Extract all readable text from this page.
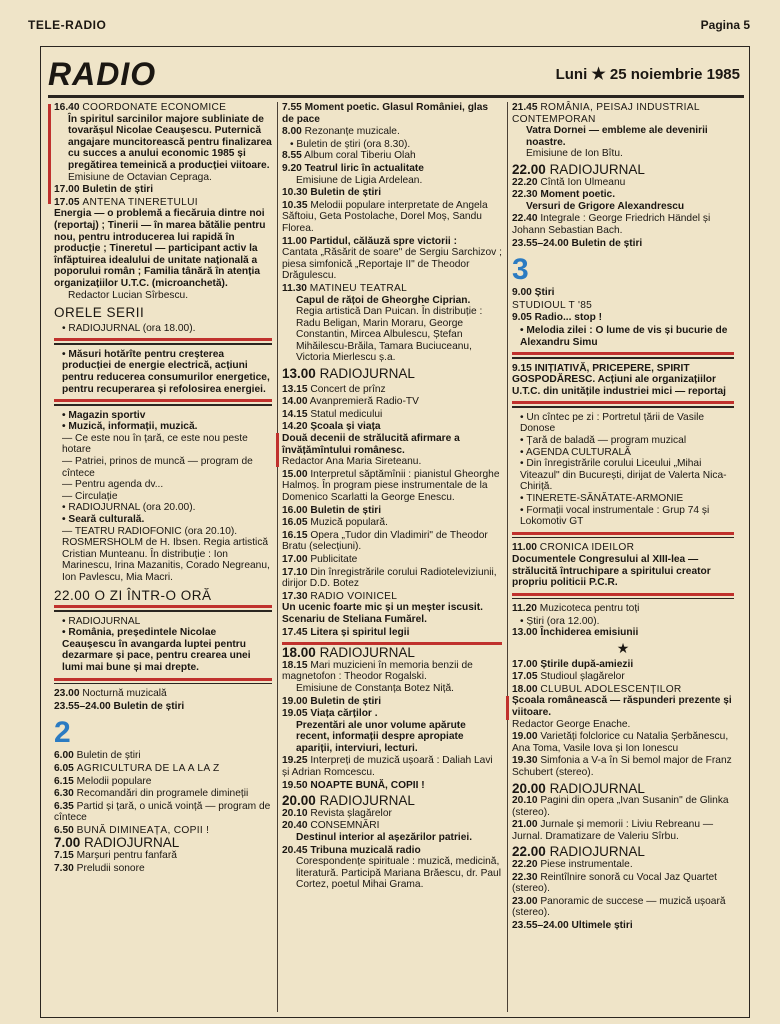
TELE-RADIO	Pagina 5
RADIO	Luni ★ 25 noiembrie 1985
16.40 COORDONATE ECONOMICE
În spiritul sarcinilor majore subliniate de tovarășul Nicolae Ceaușescu. Puternică angajare muncitorească pentru finalizarea cu succes a anului economic 1985 și pregătirea temeinică a producției viitoare.
Emisiune de Octavian Cepraga.
17.00 Buletin de știri
17.05 ANTENA TINERETULUI
Energia — o problemă a fiecăruia dintre noi (reportaj) ; Tinerii — în marea bătălie pentru nou, pentru introducerea lui rapidă în producție ; Tineretul — participant activ la înfăptuirea idealului de unitate națională a poporului român ; Familia tânără în atenția organizațiilor U.T.C. (microanchetă).
Redactor Lucian Sîrbescu.
ORELE SERII
• RADIOJURNAL (ora 18.00).
• Măsuri hotărîte pentru creșterea producției de energie electrică, acțiuni pentru reducerea consumurilor energetice, pentru recuperarea și refolosirea energiei.
• Magazin sportiv
• Muzică, informații, muzică.
— Ce este nou în țară, ce este nou peste hotare
— Patriei, prinos de muncă — program de cîntece
— Pentru agenda dv...
— Circulație
• RADIOJURNAL (ora 20.00).
• Seară culturală.
— TEATRU RADIOFONIC (ora 20.10). ROSMERSHOLM de H. Ibsen. Regia artistică Cristian Munteanu. În distribuție : Ion Marinescu, Irina Mazanitis, Corado Negreanu, Ion Pavlescu, Mia Macri.
22.00 O ZI ÎNTR-O ORĂ
• RADIOJURNAL
• România, președintele Nicolae Ceaușescu în avangarda luptei pentru dezarmare și pace, pentru crearea unei lumi mai bune și mai drepte.
23.00 Nocturnă muzicală
23.55–24.00 Buletin de știri
2
6.00 Buletin de știri
6.05 AGRICULTURA DE LA A LA Z
6.15 Melodii populare
6.30 Recomandări din programele dimineții
6.35 Partid și țară, o unică voință — program de cîntece
6.50 BUNĂ DIMINEAȚA, COPII !
7.00 RADIOJURNAL
7.15 Marșuri pentru fanfară
7.30 Preludii sonore
7.55 Moment poetic. Glasul României, glas de pace
8.00 Rezonanțe muzicale.
• Buletin de știri (ora 8.30).
8.55 Album coral Tiberiu Olah
9.20 Teatrul liric în actualitate
Emisiune de Ligia Ardelean.
10.30 Buletin de știri
10.35 Melodii populare interpretate de Angela Săftoiu, Geta Postolache, Dorel Moș, Sandu Florea.
11.00 Partidul, călăuză spre victorii :
Cantata „Răsărit de soare" de Sergiu Sarchizov ; piesa simfonică „Reportaje II" de Theodor Drăgulescu.
11.30 MATINEU TEATRAL
Capul de rățoi de Gheorghe Ciprian.
Regia artistică Dan Puican. În distribuție : Radu Beligan, Marin Moraru, George Constantin, Mircea Albulescu, Ștefan Mihăilescu-Brăila, Tamara Buciuceanu, Victoria Mierlescu ș.a.
13.00 RADIOJURNAL
13.15 Concert de prînz
14.00 Avanpremieră Radio-TV
14.15 Statul medicului
14.20 Școala și viața
Două decenii de strălucită afirmare a învățămîntului românesc.
Redactor Ana Maria Sireteanu.
15.00 Interpretul săptămînii : pianistul Gheorghe Halmoș. În program piese instrumentale de la Domenico Scarlatti la George Enescu.
16.00 Buletin de știri
16.05 Muzică populară.
16.15 Opera „Tudor din Vladimiri" de Theodor Bratu (selecțiuni).
17.00 Publicitate
17.10 Din înregistrările corului Radioteleviziunii, dirijor D.D. Botez
17.30 RADIO VOINICEL
Un ucenic foarte mic și un meșter iscusit. Scenariu de Steliana Fumărel.
17.45 Litera și spiritul legii
18.00 RADIOJURNAL
18.15 Mari muzicieni în memoria benzii de magnetofon : Theodor Rogalski.
Emisiune de Constanța Botez Niță.
19.00 Buletin de știri
19.05 Viața cărților .
Prezentări ale unor volume apărute recent, informații despre apropiate apariții, interviuri, lecturi.
19.25 Interpreți de muzică ușoară : Daliah Lavi și Adrian Romcescu.
19.50 NOAPTE BUNĂ, COPII !
20.00 RADIOJURNAL
20.10 Revista șlagărelor
20.40 CONSEMNĂRI
Destinul interior al așezărilor patriei.
20.45 Tribuna muzicală radio
Corespondențe spirituale : muzică, medicină, literatură. Participă Mariana Brăescu, dr. Paul Cortez, poetul Mihai Grama.
21.45 ROMÂNIA, PEISAJ INDUSTRIAL CONTEMPORAN
Vatra Dornei — embleme ale devenirii noastre.
Emisiune de Ion Bîtu.
22.00 RADIOJURNAL
22.20 Cîntă Ion Ulmeanu
22.30 Moment poetic.
Versuri de Grigore Alexandrescu
22.40 Integrale : George Friedrich Händel și Johann Sebastian Bach.
23.55–24.00 Buletin de știri
3
9.00 Știri
STUDIOUL T '85
9.05 Radio... stop !
• Melodia zilei : O lume de vis și bucurie de Alexandru Simu
9.15 INIȚIATIVĂ, PRICEPERE, SPIRIT GOSPODĂRESC. Acțiuni ale organizațiilor U.T.C. din unitățile industriei mici — reportaj
• Un cîntec pe zi : Portretul țării de Vasile Donose
• Țară de baladă — program muzical
• AGENDA CULTURALĂ
• Din înregistrările corului Liceului „Mihai Viteazul" din București, dirijat de Valerta Nica-Chiriță.
• TINERETE-SĂNĂTATE-ARMONIE
• Formații vocal instrumentale : Grup 74 și Lokomotiv GT
11.00 CRONICA IDEILOR
Documentele Congresului al XIII-lea — strălucită întruchipare a spiritului creator propriu politicii P.C.R.
11.20 Muzicoteca pentru toți
• Știri (ora 12.00).
13.00 Închiderea emisiunii
★
17.00 Știrile după-amiezii
17.05 Studioul șlagărelor
18.00 CLUBUL ADOLESCENȚILOR
Școala românească — răspunderi prezente și viitoare.
Redactor George Enache.
19.00 Varietăți folclorice cu Natalia Șerbănescu, Ana Toma, Vasile Iova și Ion Ionescu
19.30 Simfonia a V-a în Si bemol major de Franz Schubert (stereo).
20.00 RADIOJURNAL
20.10 Pagini din opera „Ivan Susanin" de Glinka (stereo).
21.00 Jurnale și memorii : Liviu Rebreanu — Jurnal. Dramatizare de Valeriu Sîrbu.
22.00 RADIOJURNAL
22.20 Piese instrumentale.
22.30 Reintîlnire sonoră cu Vocal Jaz Quartet (stereo).
23.00 Panoramic de succese — muzică ușoară (stereo).
23.55–24.00 Ultimele știri
